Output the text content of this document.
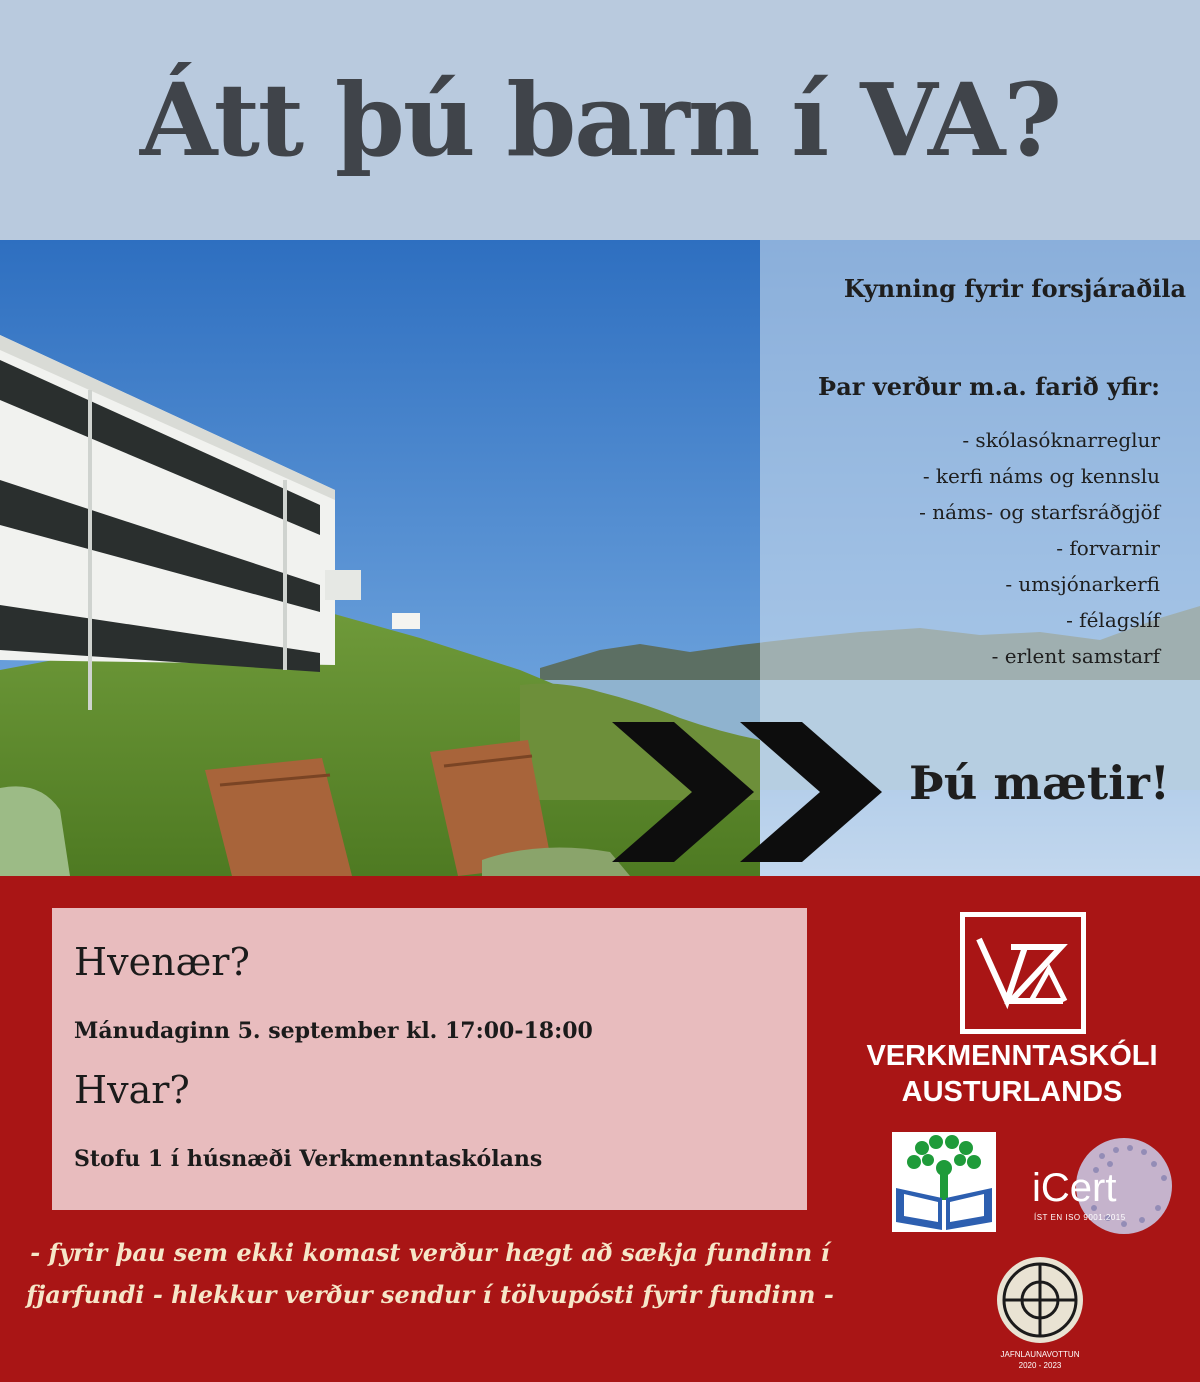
Átt þú barn í VA?
Kynning fyrir forsjáraðila
Þar verður m.a. farið yfir:
- skólasóknarreglur
- kerfi náms og kennslu
- náms- og starfsráðgjöf
- forvarnir
- umsjónarkerfi
- félagslíf
- erlent samstarf
Þú mætir!
Hvenær?
Mánudaginn 5. september kl. 17:00-18:00
Hvar?
Stofu 1 í húsnæði Verkmenntaskólans
- fyrir þau sem ekki komast verður hægt að sækja fundinn í
fjarfundi - hlekkur verður sendur í tölvupósti fyrir fundinn -
VERKMENNTASKÓLI
AUSTURLANDS
iCert
ÍST EN ISO 9001:2015
JAFNLAUNAVOTTUN
2020 - 2023
